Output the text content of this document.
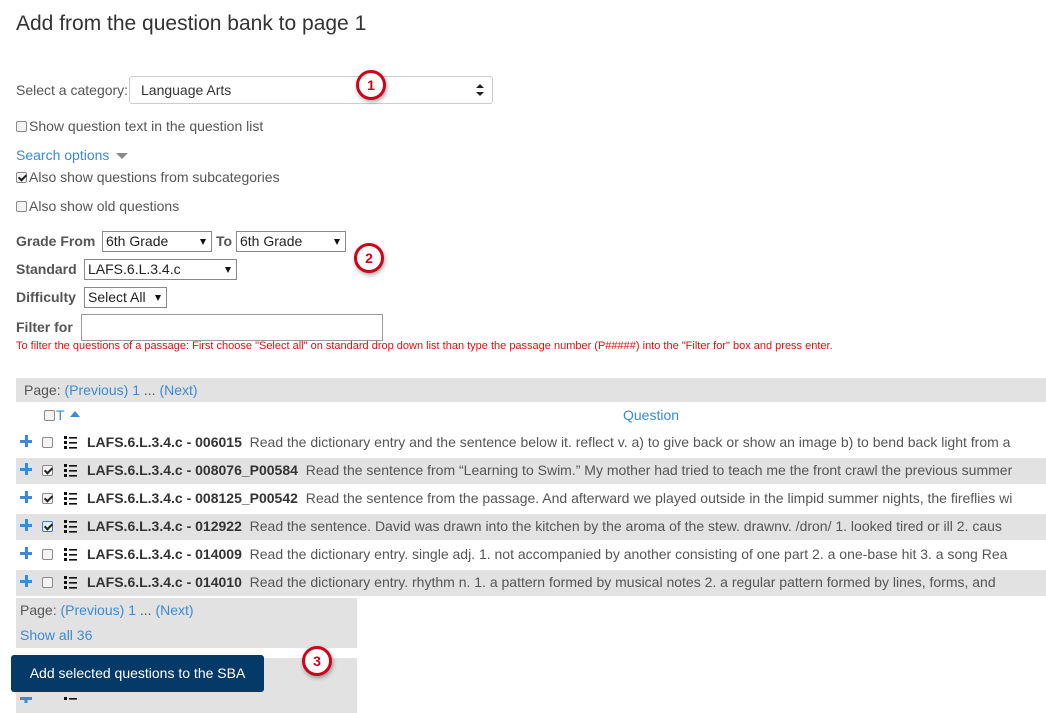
Add from the question bank to page 1
Select a category: Language Arts	1
Show question text in the question list
Search options
Also show questions from subcategories
Also show old questions
Grade From 6th Grade	To 6th Grade
2
Standard LAFS.6.L.3.4.c
Difficulty Select All
Filter for
To filter the questions of a passage: First choose "Select all" on standard drop down list than type the passage number (P#####) into the "Filter for" box and press enter.
Page: (Previous) 1 ... (Next)
T	Question
LAFS.6.L.3.4.c - 006015 Read the dictionary entry and the sentence below it. reflect v. a) to give back or show an image b) to bend back light from a
LAFS.6.L.3.4.c - 008076_P00584 Read the sentence from “Learning to Swim.” My mother had tried to teach me the front crawl the previous summer
LAFS.6.L.3.4.c - 008125_P00542 Read the sentence from the passage. And afterward we played outside in the limpid summer nights, the fireflies wi
LAFS.6.L.3.4.c - 012922 Read the sentence. David was drawn into the kitchen by the aroma of the stew. drawnv. /dron/ 1. looked tired or ill 2. caus
LAFS.6.L.3.4.c - 014009 Read the dictionary entry. single adj. 1. not accompanied by another consisting of one part 2. a one-base hit 3. a song Rea
LAFS.6.L.3.4.c - 014010 Read the dictionary entry. rhythm n. 1. a pattern formed by musical notes 2. a regular pattern formed by lines, forms, and
Page: (Previous) 1 ... (Next)
Show all 36
Add selected questions to the SBA
3
